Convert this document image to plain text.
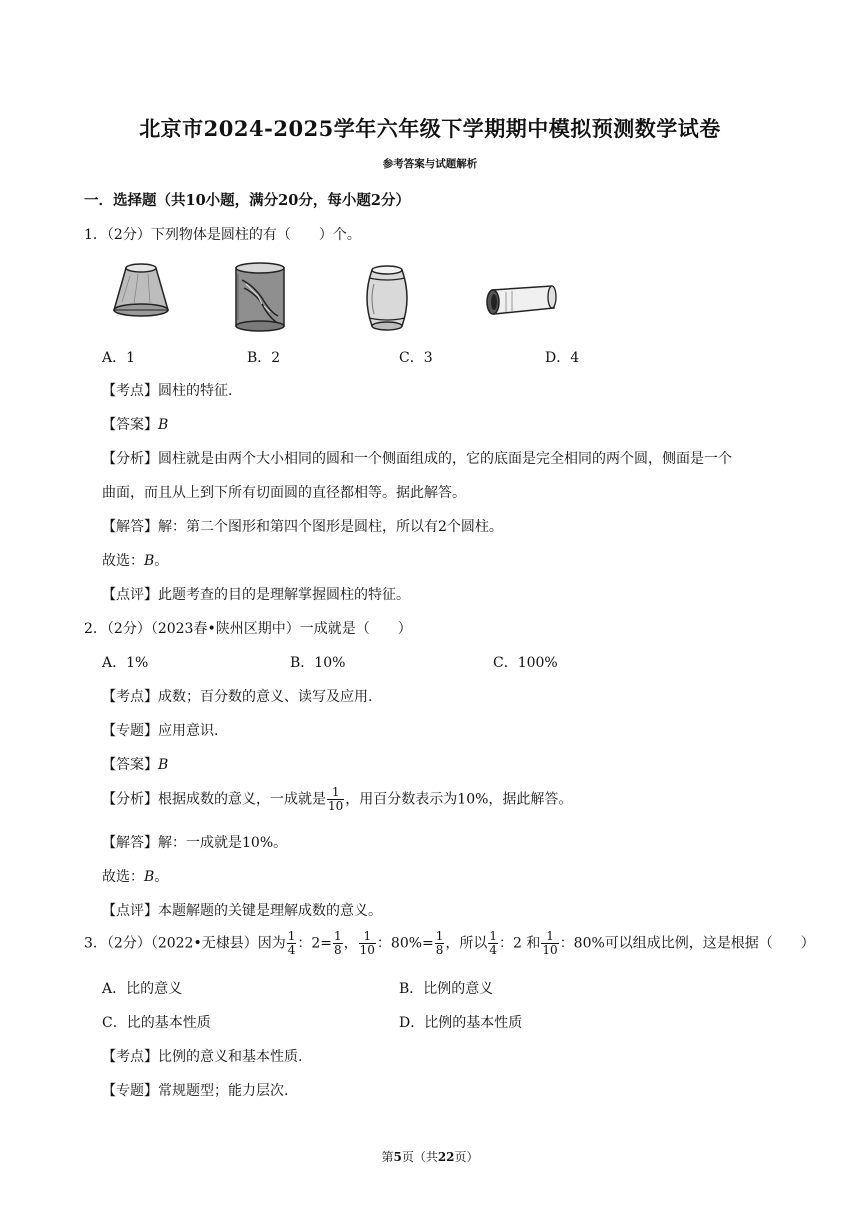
北京市2024-2025学年六年级下学期期中模拟预测数学试卷
参考答案与试题解析
一．选择题（共10小题，满分20分，每小题2分）
1．（2分）下列物体是圆柱的有（　　）个。
A．1	B．2	C．3	D．4
【考点】圆柱的特征.
【答案】B
【分析】圆柱就是由两个大小相同的圆和一个侧面组成的，它的底面是完全相同的两个圆，侧面是一个
曲面，而且从上到下所有切面圆的直径都相等。据此解答。
【解答】解：第二个图形和第四个图形是圆柱，所以有2个圆柱。
故选：B。
【点评】此题考查的目的是理解掌握圆柱的特征。
2．（2分）（2023春•陕州区期中）一成就是（　　）
A．1%	B．10%	C．100%
【考点】成数；百分数的意义、读写及应用.
【专题】应用意识.
【答案】B
【分析】根据成数的意义，一成就是 $\frac{1}{10}$ ，用百分数表示为10%，据此解答。
【解答】解：一成就是10%。
故选：B。
【点评】本题解题的关键是理解成数的意义。
3．（2分）（2022•无棣县）因为 $\frac{1}{4}$ ：$2= \frac{1}{8}$ ， $\frac{1}{10}$ ：$80\%= \frac{1}{8}$ ，所以 $\frac{1}{4}$ ：2 和 $\frac{1}{10}$ ：80%可以组成比例，这是根据（　　）
A．比的意义	B．比例的意义
C．比的基本性质	D．比例的基本性质
【考点】比例的意义和基本性质.
【专题】常规题型；能力层次.
第5页（共22页）
